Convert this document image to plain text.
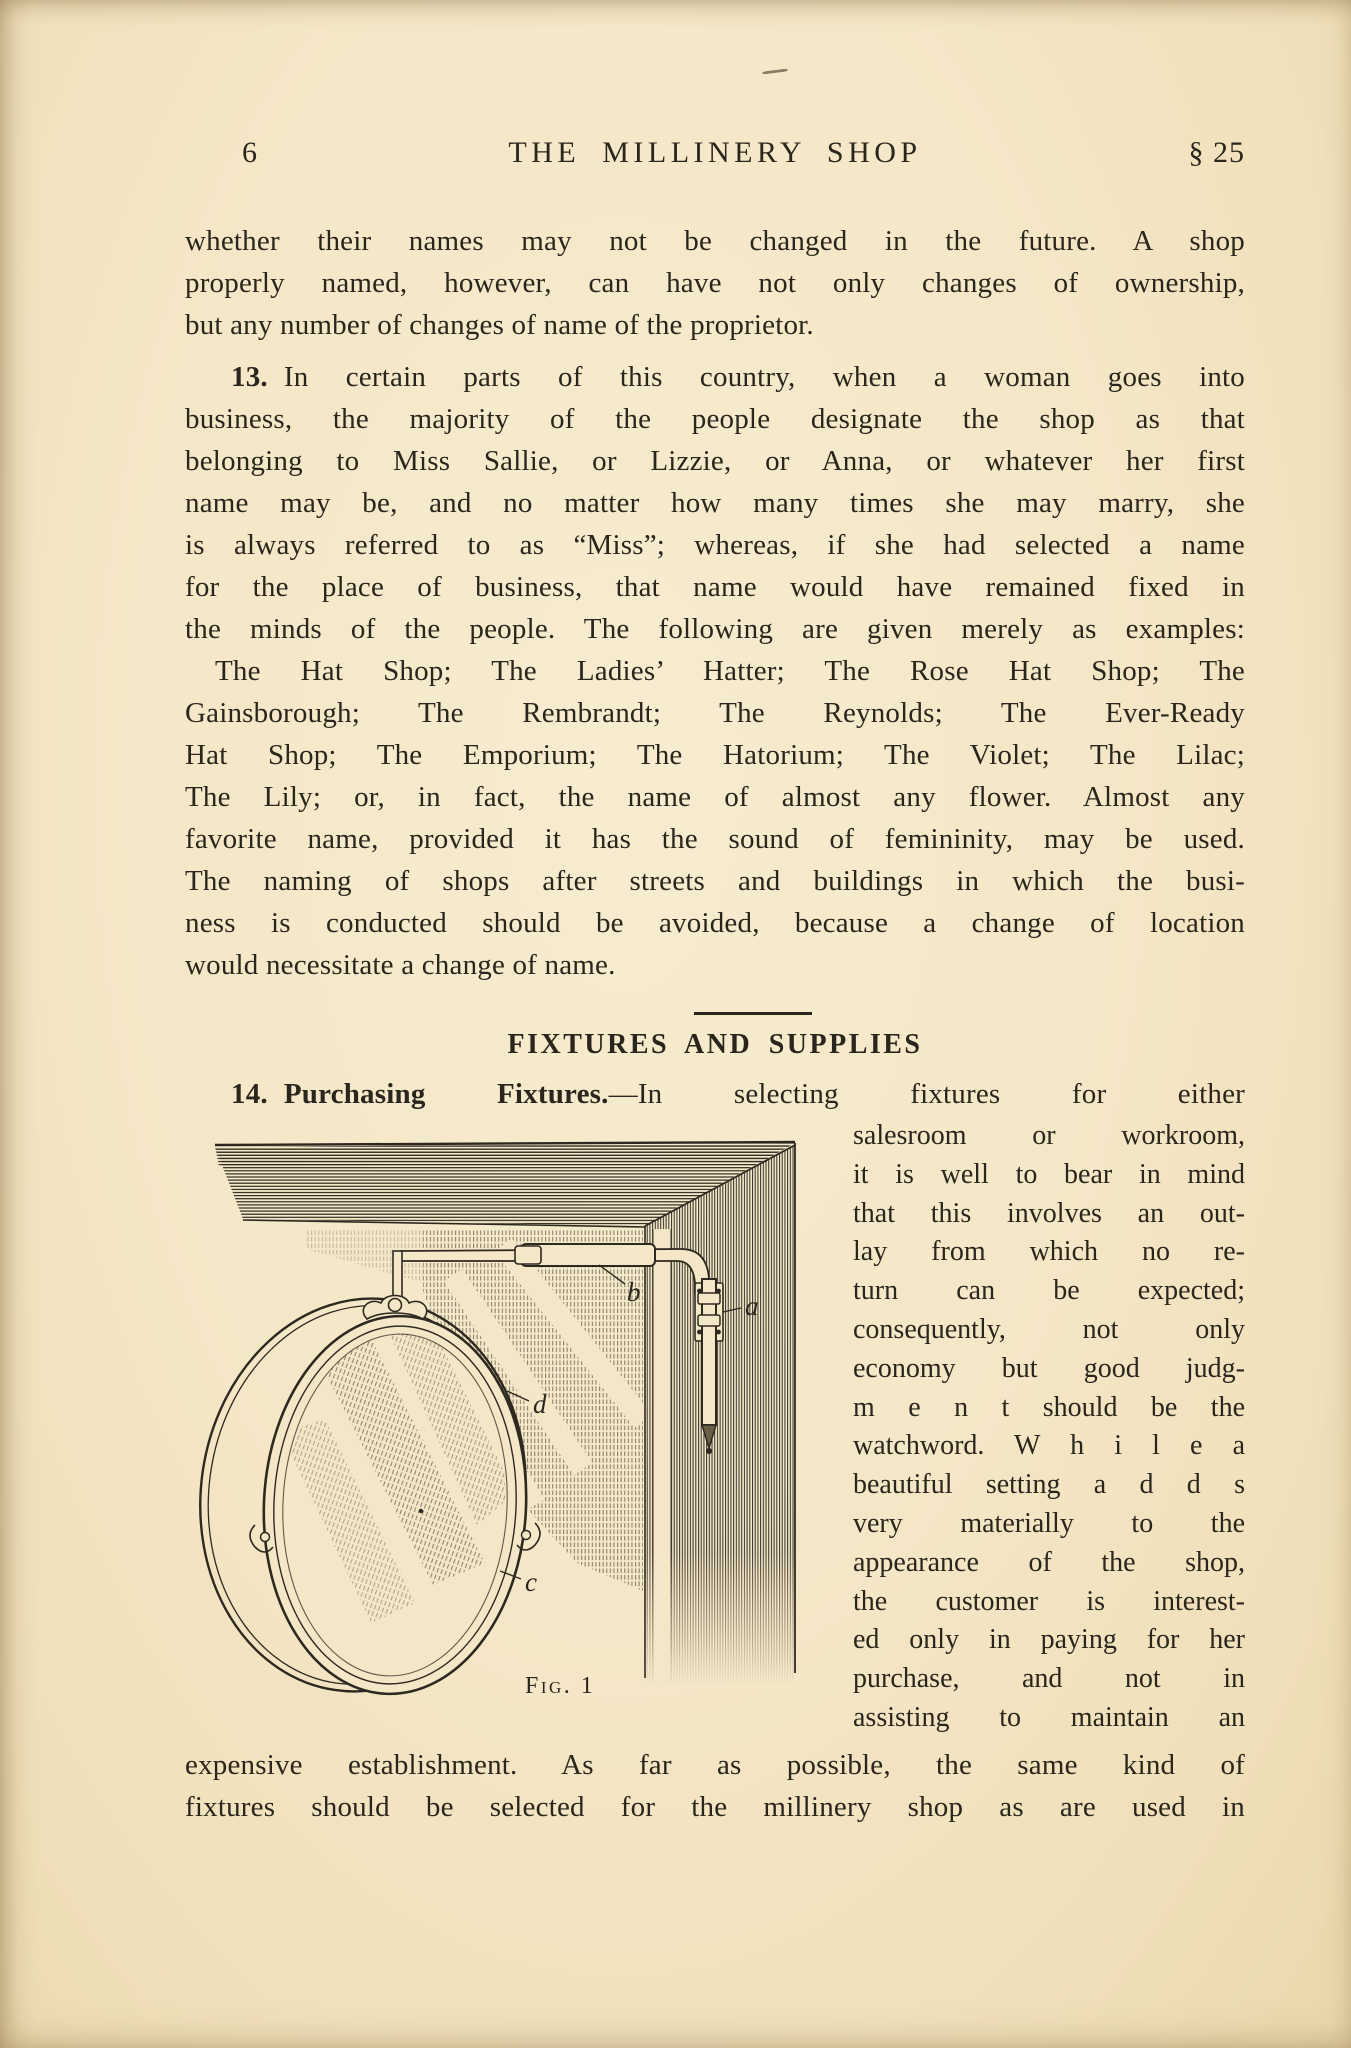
6	THE MILLINERY SHOP	§ 25
whether their names may not be changed in the future. A shop
properly named, however, can have not only changes of ownership,
but any number of changes of name of the proprietor.
13. In certain parts of this country, when a woman goes into
business, the majority of the people designate the shop as that
belonging to Miss Sallie, or Lizzie, or Anna, or whatever her first
name may be, and no matter how many times she may marry, she
is always referred to as “Miss”; whereas, if she had selected a name
for the place of business, that name would have remained fixed in
the minds of the people. The following are given merely as examples:
The Hat Shop; The Ladies’ Hatter; The Rose Hat Shop; The
Gainsborough; The Rembrandt; The Reynolds; The Ever-Ready
Hat Shop; The Emporium; The Hatorium; The Violet; The Lilac;
The Lily; or, in fact, the name of almost any flower. Almost any
favorite name, provided it has the sound of femininity, may be used.
The naming of shops after streets and buildings in which the busi-
ness is conducted should be avoided, because a change of location
would necessitate a change of name.
FIXTURES AND SUPPLIES
14. Purchasing Fixtures.—In selecting fixtures for either
b	a
d
c
Fig. 1
salesroom or workroom,
it is well to bear in mind
that this involves an out-
lay from which no re-
turn can be expected;
consequently, not only
economy but good judg-
m e n t should be the
watchword. W h i l e a
beautiful setting a d d s
very materially to the
appearance of the shop,
the customer is interest-
ed only in paying for her
purchase, and not in
assisting to maintain an
expensive establishment. As far as possible, the same kind of
fixtures should be selected for the millinery shop as are used in
